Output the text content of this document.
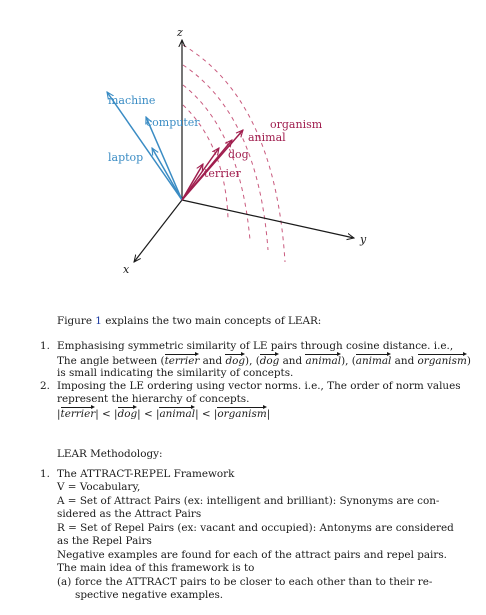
z
y
x
machine
computer
laptop
organism
animal
dog
terrier
Figure 1 explains the two main concepts of LEAR:
1. Emphasising symmetric similarity of LE pairs through cosine distance. i.e.,
The angle between (terrier and dog), (dog and animal), (animal and organism)
is small indicating the similarity of concepts.
2. Imposing the LE ordering using vector norms. i.e., The order of norm values
represent the hierarchy of concepts.
|terrier| < |dog| < |animal| < |organism|
LEAR Methodology:
1. The ATTRACT-REPEL Framework
V = Vocabulary,
A = Set of Attract Pairs (ex: intelligent and brilliant): Synonyms are con-
sidered as the Attract Pairs
R = Set of Repel Pairs (ex: vacant and occupied): Antonyms are considered
as the Repel Pairs
Negative examples are found for each of the attract pairs and repel pairs.
The main idea of this framework is to
(a) force the ATTRACT pairs to be closer to each other than to their re-
spective negative examples.
